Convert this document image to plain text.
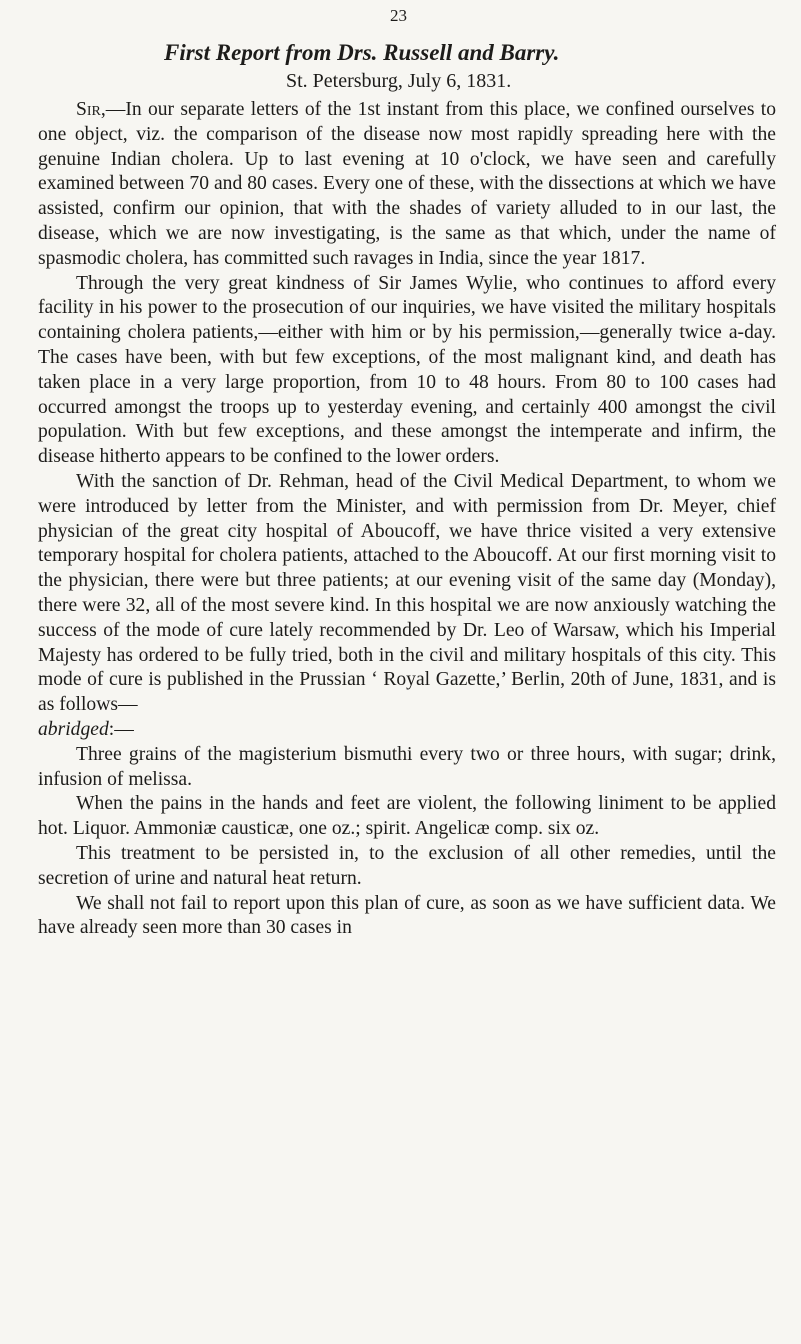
23
First Report from Drs. Russell and Barry.
St. Petersburg, July 6, 1831.

Sir,—In our separate letters of the 1st instant from this place, we confined ourselves to one object, viz. the comparison of the disease now most rapidly spreading here with the genuine Indian cholera. Up to last evening at 10 o'clock, we have seen and carefully examined between 70 and 80 cases. Every one of these, with the dissections at which we have assisted, confirm our opinion, that with the shades of variety alluded to in our last, the disease, which we are now investigating, is the same as that which, under the name of spasmodic cholera, has committed such ravages in India, since the year 1817.

Through the very great kindness of Sir James Wylie, who continues to afford every facility in his power to the prosecution of our inquiries, we have visited the military hospitals containing cholera patients,—either with him or by his permission,—generally twice a-day. The cases have been, with but few exceptions, of the most malignant kind, and death has taken place in a very large proportion, from 10 to 48 hours. From 80 to 100 cases had occurred amongst the troops up to yesterday evening, and certainly 400 amongst the civil population. With but few exceptions, and these amongst the intemperate and infirm, the disease hitherto appears to be confined to the lower orders.

With the sanction of Dr. Rehman, head of the Civil Medical Department, to whom we were introduced by letter from the Minister, and with permission from Dr. Meyer, chief physician of the great city hospital of Aboucoff, we have thrice visited a very extensive temporary hospital for cholera patients, attached to the Aboucoff. At our first morning visit to the physician, there were but three patients; at our evening visit of the same day (Monday), there were 32, all of the most severe kind. In this hospital we are now anxiously watching the success of the mode of cure lately recommended by Dr. Leo of Warsaw, which his Imperial Majesty has ordered to be fully tried, both in the civil and military hospitals of this city. This mode of cure is published in the Prussian ‘ Royal Gazette,’ Berlin, 20th of June, 1831, and is as follows—
abridged:—

Three grains of the magisterium bismuthi every two or three hours, with sugar; drink, infusion of melissa.

When the pains in the hands and feet are violent, the following liniment to be applied hot. Liquor. Ammoniæ causticæ, one oz.; spirit. Angelicæ comp. six oz.

This treatment to be persisted in, to the exclusion of all other remedies, until the secretion of urine and natural heat return.

We shall not fail to report upon this plan of cure, as soon as we have sufficient data. We have already seen more than 30 cases in
